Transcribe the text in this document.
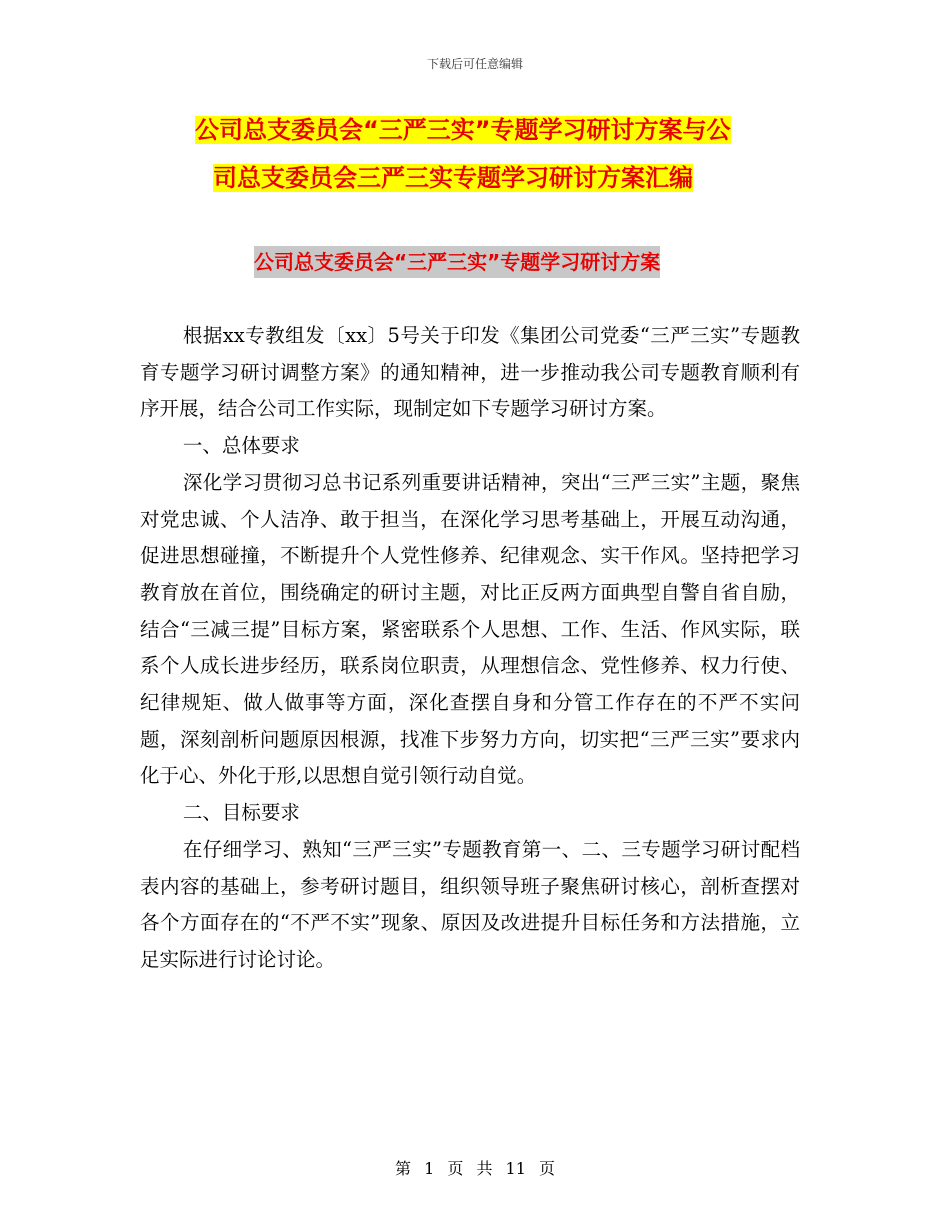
下载后可任意编辑
公司总支委员会“三严三实”专题学习研讨方案与公
司总支委员会三严三实专题学习研讨方案汇编
公司总支委员会“三严三实”专题学习研讨方案

根据xx专教组发〔xx〕5号关于印发《集团公司党委“三严三实”专题教育专题学习研讨调整方案》的通知精神，进一步推动我公司专题教育顺利有序开展，结合公司工作实际，现制定如下专题学习研讨方案。

一、总体要求

深化学习贯彻习总书记系列重要讲话精神，突出“三严三实”主题，聚焦对党忠诚、个人洁净、敢于担当，在深化学习思考基础上，开展互动沟通，促进思想碰撞，不断提升个人党性修养、纪律观念、实干作风。坚持把学习教育放在首位，围绕确定的研讨主题，对比正反两方面典型自警自省自励，结合“三减三提”目标方案，紧密联系个人思想、工作、生活、作风实际，联系个人成长进步经历，联系岗位职责，从理想信念、党性修养、权力行使、纪律规矩、做人做事等方面，深化查摆自身和分管工作存在的不严不实问题，深刻剖析问题原因根源，找准下步努力方向，切实把“三严三实”要求内化于心、外化于形,以思想自觉引领行动自觉。

二、目标要求

在仔细学习、熟知“三严三实”专题教育第一、二、三专题学习研讨配档表内容的基础上，参考研讨题目，组织领导班子聚焦研讨核心，剖析查摆对各个方面存在的“不严不实”现象、原因及改进提升目标任务和方法措施，立足实际进行讨论讨论。

第 1 页 共 11 页
